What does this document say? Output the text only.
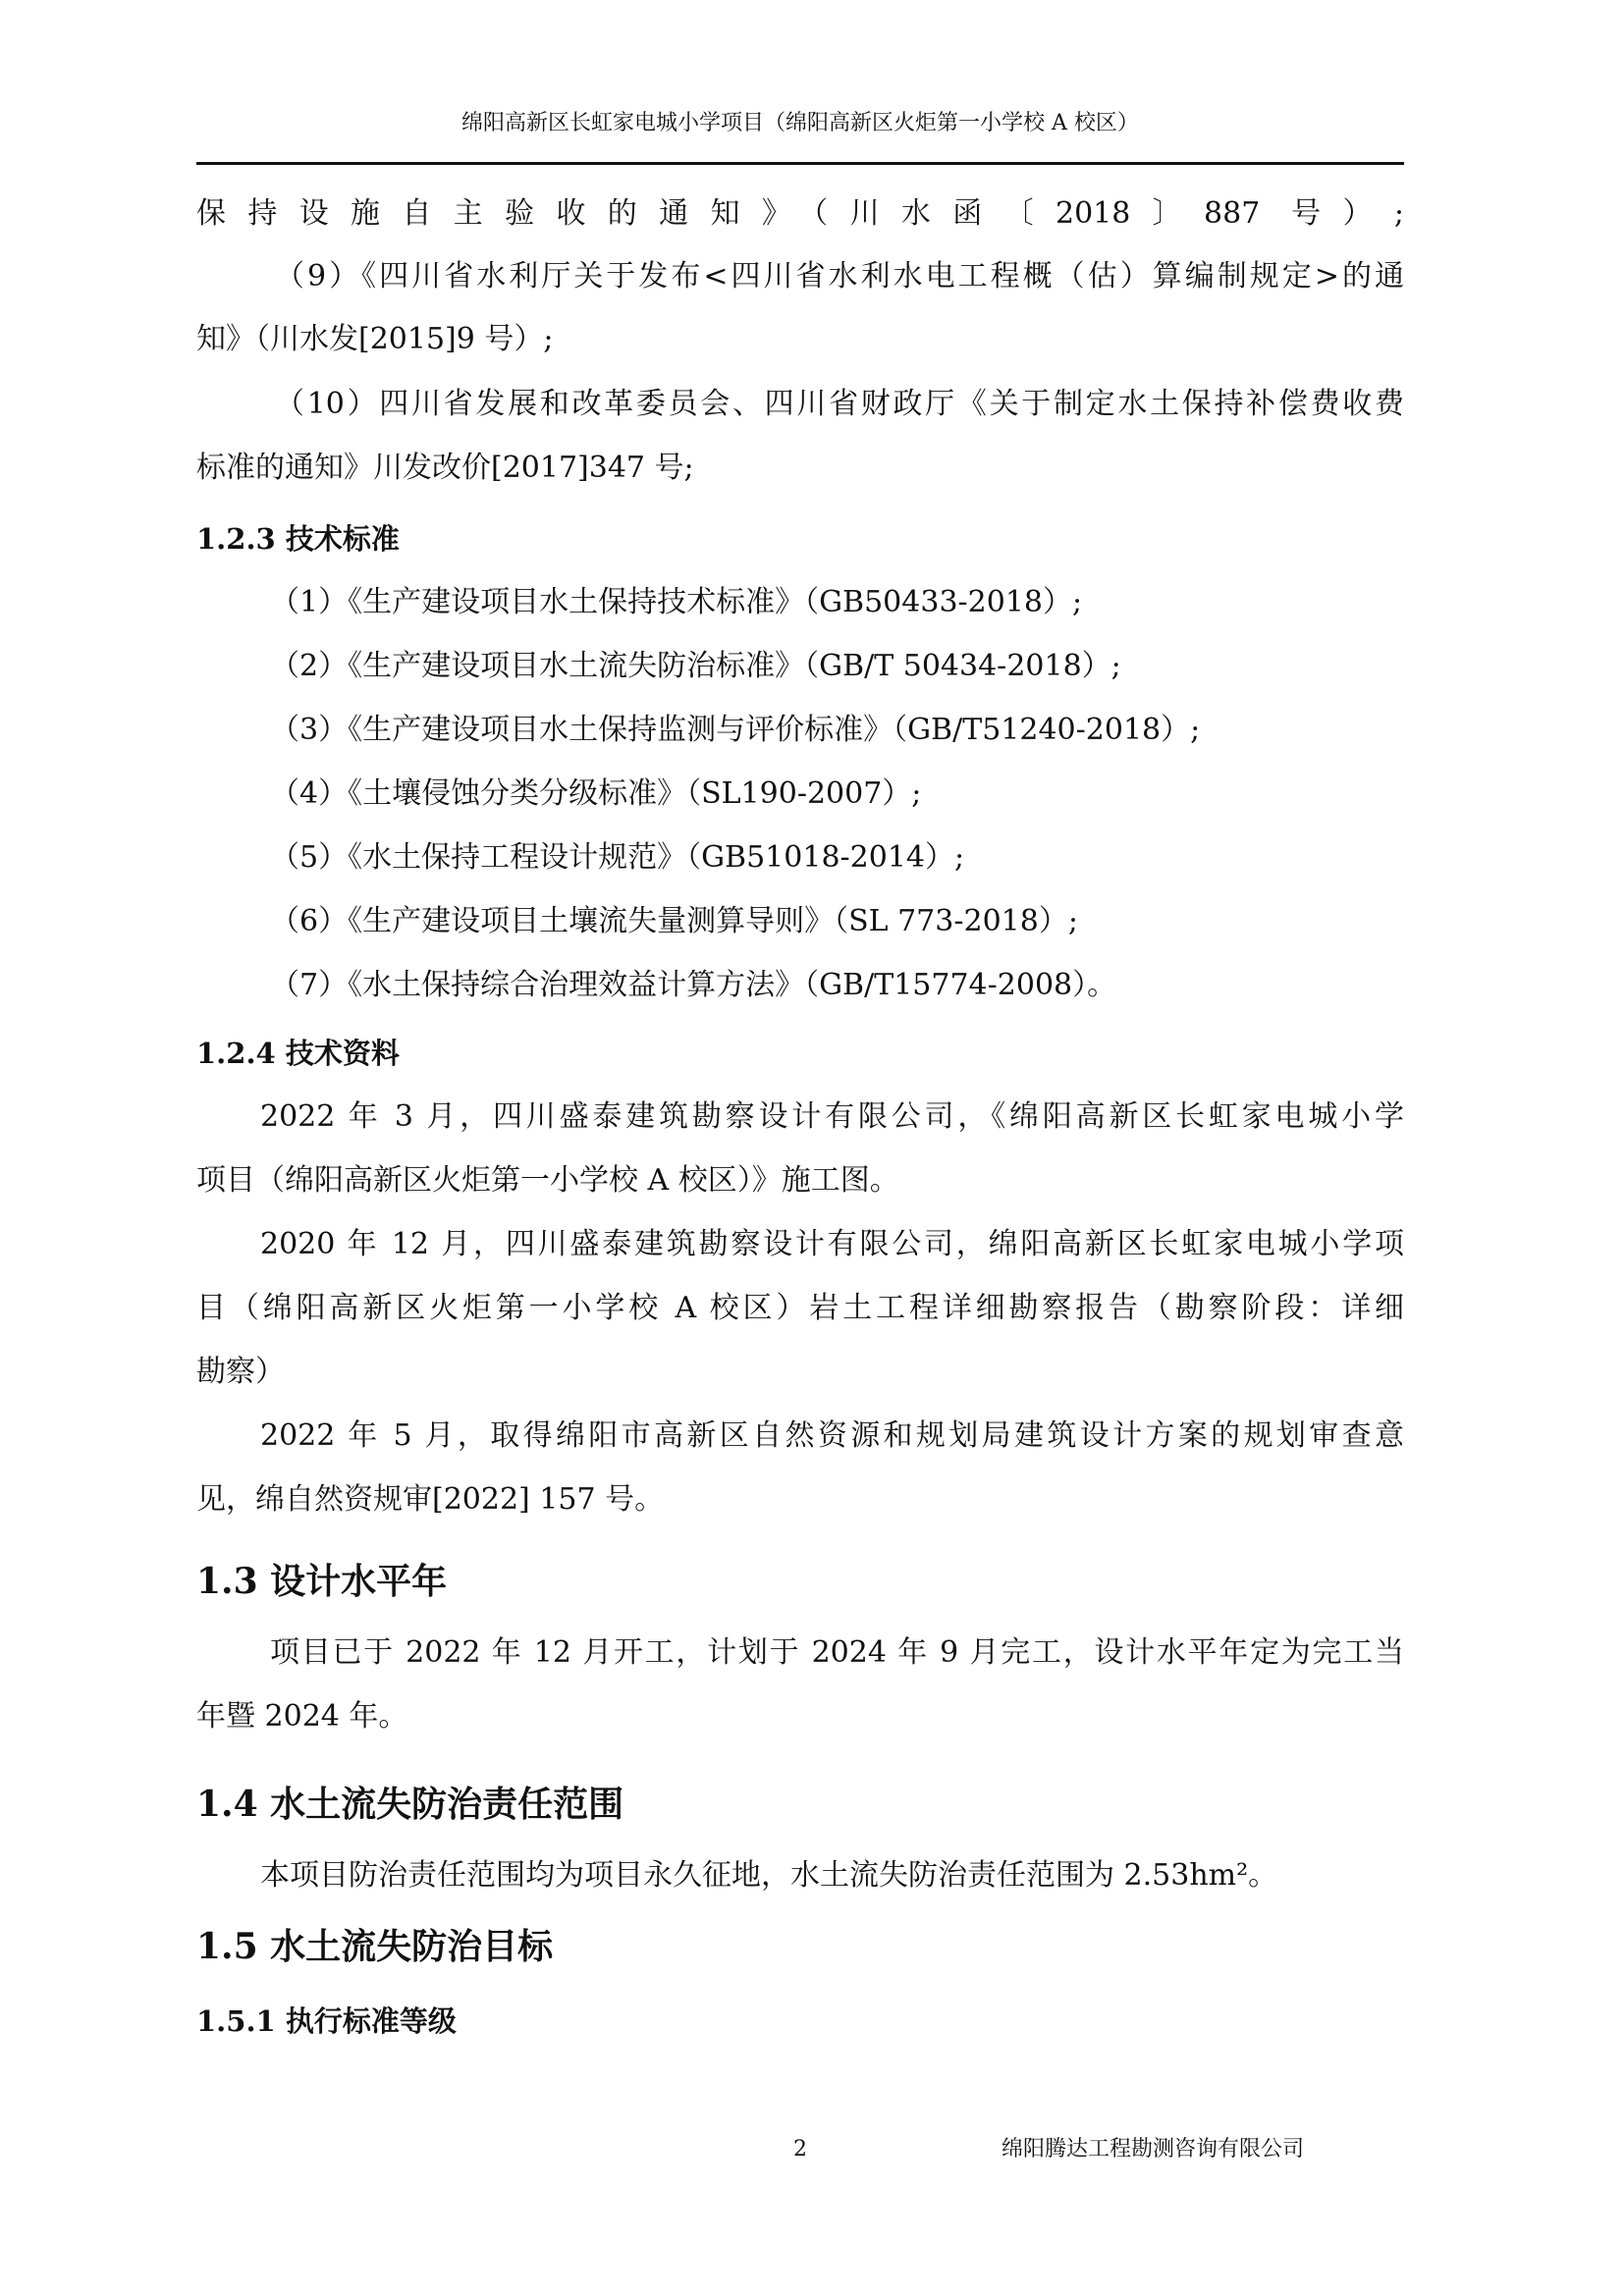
绵阳高新区长虹家电城小学项目（绵阳高新区火炬第一小学校 A 校区）
保持设施自主验收的通知》（川水函〔2018〕887 号）;
（9）《四川省水利厅关于发布<四川省水利水电工程概（估）算编制规定>的通
知》（川水发[2015]9 号）;
（10）四川省发展和改革委员会、四川省财政厅《关于制定水土保持补偿费收费
标准的通知》川发改价[2017]347 号;
1.2.3 技术标准
（1）《生产建设项目水土保持技术标准》（GB50433-2018）;
（2）《生产建设项目水土流失防治标准》（GB/T 50434-2018）;
（3）《生产建设项目水土保持监测与评价标准》（GB/T51240-2018）;
（4）《土壤侵蚀分类分级标准》（SL190-2007）;
（5）《水土保持工程设计规范》（GB51018-2014）;
（6）《生产建设项目土壤流失量测算导则》（SL 773-2018）;
（7）《水土保持综合治理效益计算方法》（GB/T15774-2008）。
1.2.4 技术资料
2022 年 3 月，四川盛泰建筑勘察设计有限公司，《绵阳高新区长虹家电城小学
项目（绵阳高新区火炬第一小学校 A 校区）》施工图。
2020 年 12 月，四川盛泰建筑勘察设计有限公司，绵阳高新区长虹家电城小学项
目（绵阳高新区火炬第一小学校 A 校区）岩土工程详细勘察报告（勘察阶段：详细
勘察）
2022 年 5 月，取得绵阳市高新区自然资源和规划局建筑设计方案的规划审查意
见，绵自然资规审[2022] 157 号。
1.3 设计水平年
项目已于 2022 年 12 月开工，计划于 2024 年 9 月完工，设计水平年定为完工当
年暨 2024 年。
1.4 水土流失防治责任范围
本项目防治责任范围均为项目永久征地，水土流失防治责任范围为 2.53hm²。
1.5 水土流失防治目标
1.5.1 执行标准等级
2	绵阳腾达工程勘测咨询有限公司
